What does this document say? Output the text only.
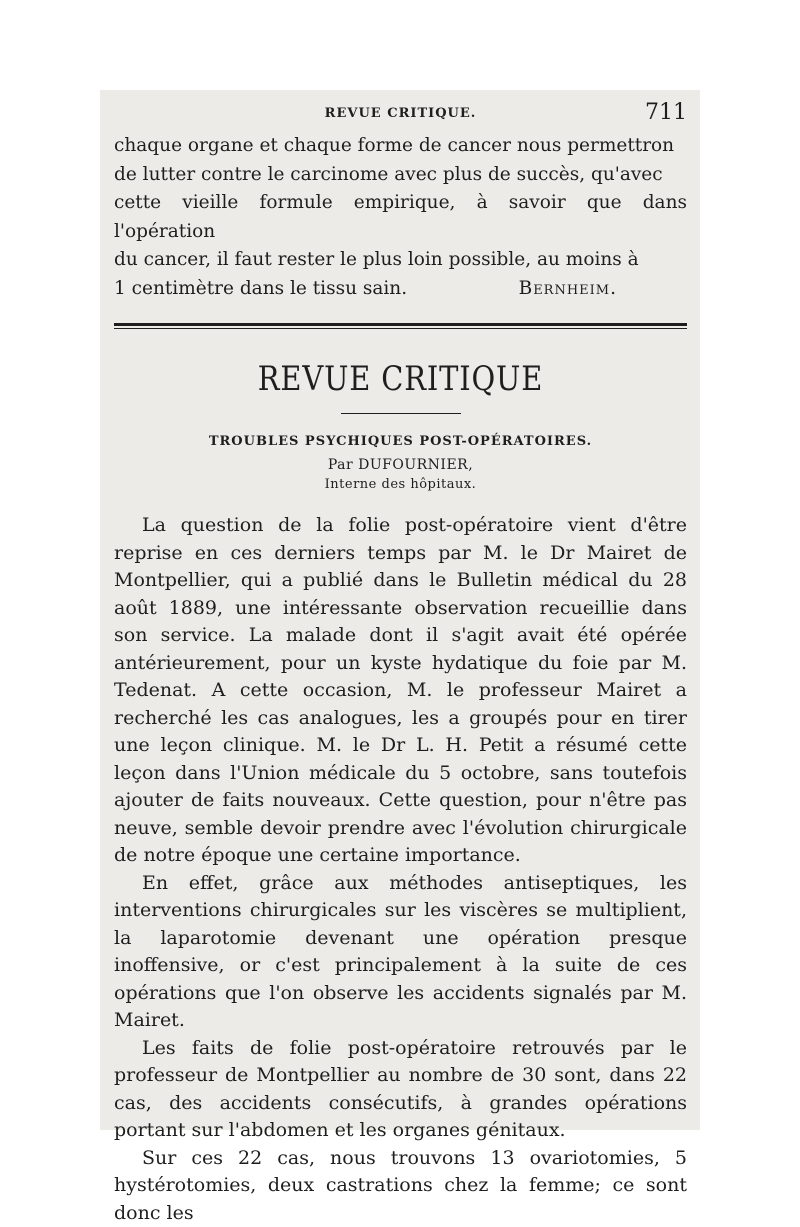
REVUE CRITIQUE.	711

chaque organe et chaque forme de cancer nous permettron

de lutter contre le carcinome avec plus de succès, qu'avec

cette vieille formule empirique, à savoir que dans l'opération

du cancer, il faut rester le plus loin possible, au moins à

1 centimètre dans le tissu sain.	Bernheim.
REVUE CRITIQUE
TROUBLES PSYCHIQUES POST-OPÉRATOIRES.
Par DUFOURNIER,
Interne des hôpitaux.

La question de la folie post-opératoire vient d'être reprise en ces derniers temps par M. le Dr Mairet de Montpellier, qui a publié dans le Bulletin médical du 28 août 1889, une intéressante observation recueillie dans son service. La malade dont il s'agit avait été opérée antérieurement, pour un kyste hydatique du foie par M. Tedenat. A cette occasion, M. le professeur Mairet a recherché les cas analogues, les a groupés pour en tirer une leçon clinique. M. le Dr L. H. Petit a résumé cette leçon dans l'Union médicale du 5 octobre, sans toutefois ajouter de faits nouveaux. Cette question, pour n'être pas neuve, semble devoir prendre avec l'évolution chirurgicale de notre époque une certaine importance.

En effet, grâce aux méthodes antiseptiques, les interventions chirurgicales sur les viscères se multiplient, la laparotomie devenant une opération presque inoffensive, or c'est principalement à la suite de ces opérations que l'on observe les accidents signalés par M. Mairet.

Les faits de folie post-opératoire retrouvés par le professeur de Montpellier au nombre de 30 sont, dans 22 cas, des accidents consécutifs, à grandes opérations portant sur l'abdomen et les organes génitaux.

Sur ces 22 cas, nous trouvons 13 ovariotomies, 5 hystérotomies, deux castrations chez la femme; ce sont donc les
